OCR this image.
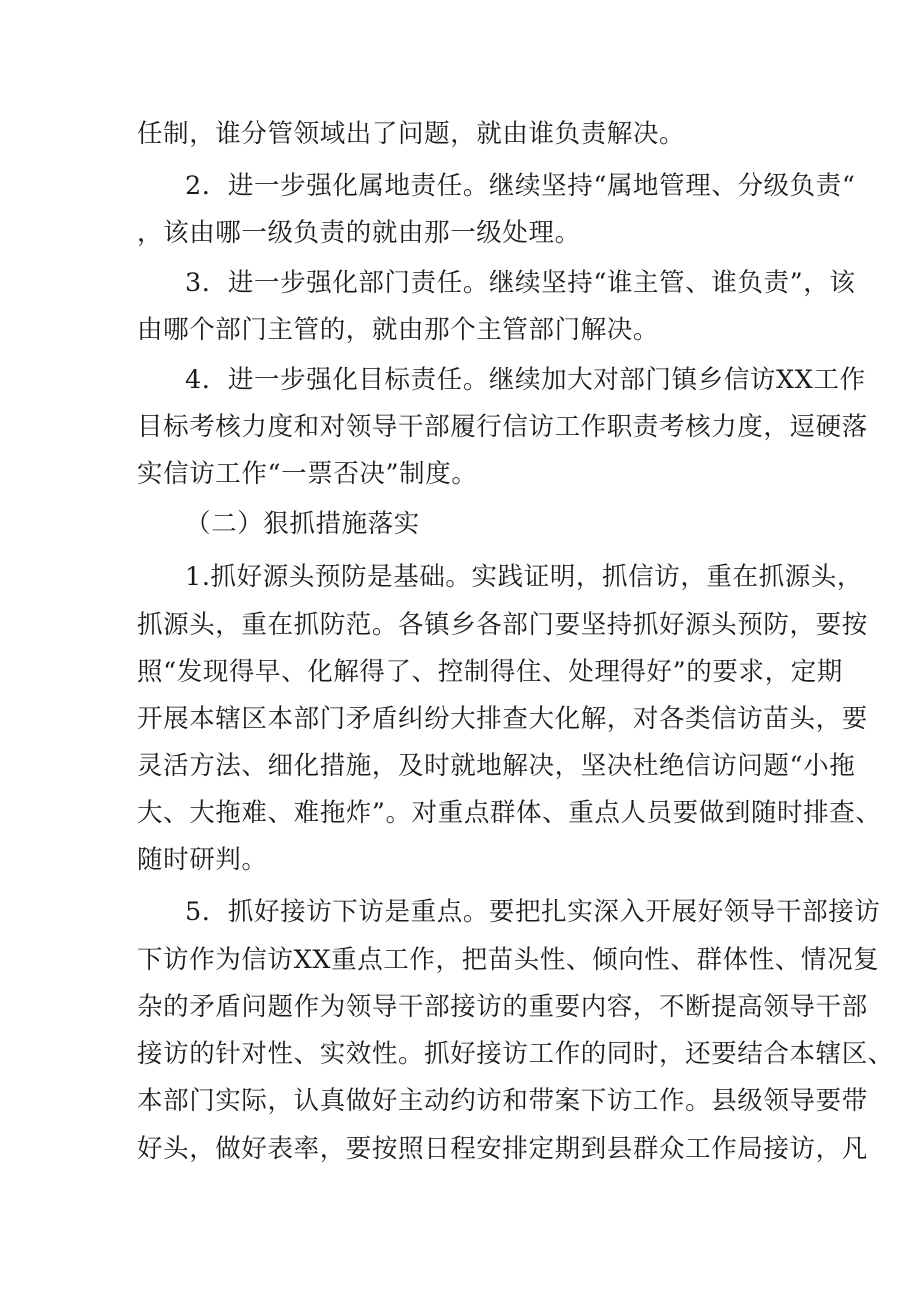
任制，谁分管领域出了问题，就由谁负责解决。
2．进一步强化属地责任。继续坚持“属地管理、分级负责“
，该由哪一级负责的就由那一级处理。
3．进一步强化部门责任。继续坚持“谁主管、谁负责”，该
由哪个部门主管的，就由那个主管部门解决。
4．进一步强化目标责任。继续加大对部门镇乡信访XX工作
目标考核力度和对领导干部履行信访工作职责考核力度，逗硬落
实信访工作“一票否决”制度。
（二）狠抓措施落实
1.抓好源头预防是基础。实践证明，抓信访，重在抓源头，
抓源头，重在抓防范。各镇乡各部门要坚持抓好源头预防，要按
照“发现得早、化解得了、控制得住、处理得好”的要求，定期
开展本辖区本部门矛盾纠纷大排查大化解，对各类信访苗头，要
灵活方法、细化措施，及时就地解决，坚决杜绝信访问题“小拖
大、大拖难、难拖炸”。对重点群体、重点人员要做到随时排查、
随时研判。
5．抓好接访下访是重点。要把扎实深入开展好领导干部接访
下访作为信访XX重点工作，把苗头性、倾向性、群体性、情况复
杂的矛盾问题作为领导干部接访的重要内容，不断提高领导干部
接访的针对性、实效性。抓好接访工作的同时，还要结合本辖区、
本部门实际，认真做好主动约访和带案下访工作。县级领导要带
好头，做好表率，要按照日程安排定期到县群众工作局接访，凡
